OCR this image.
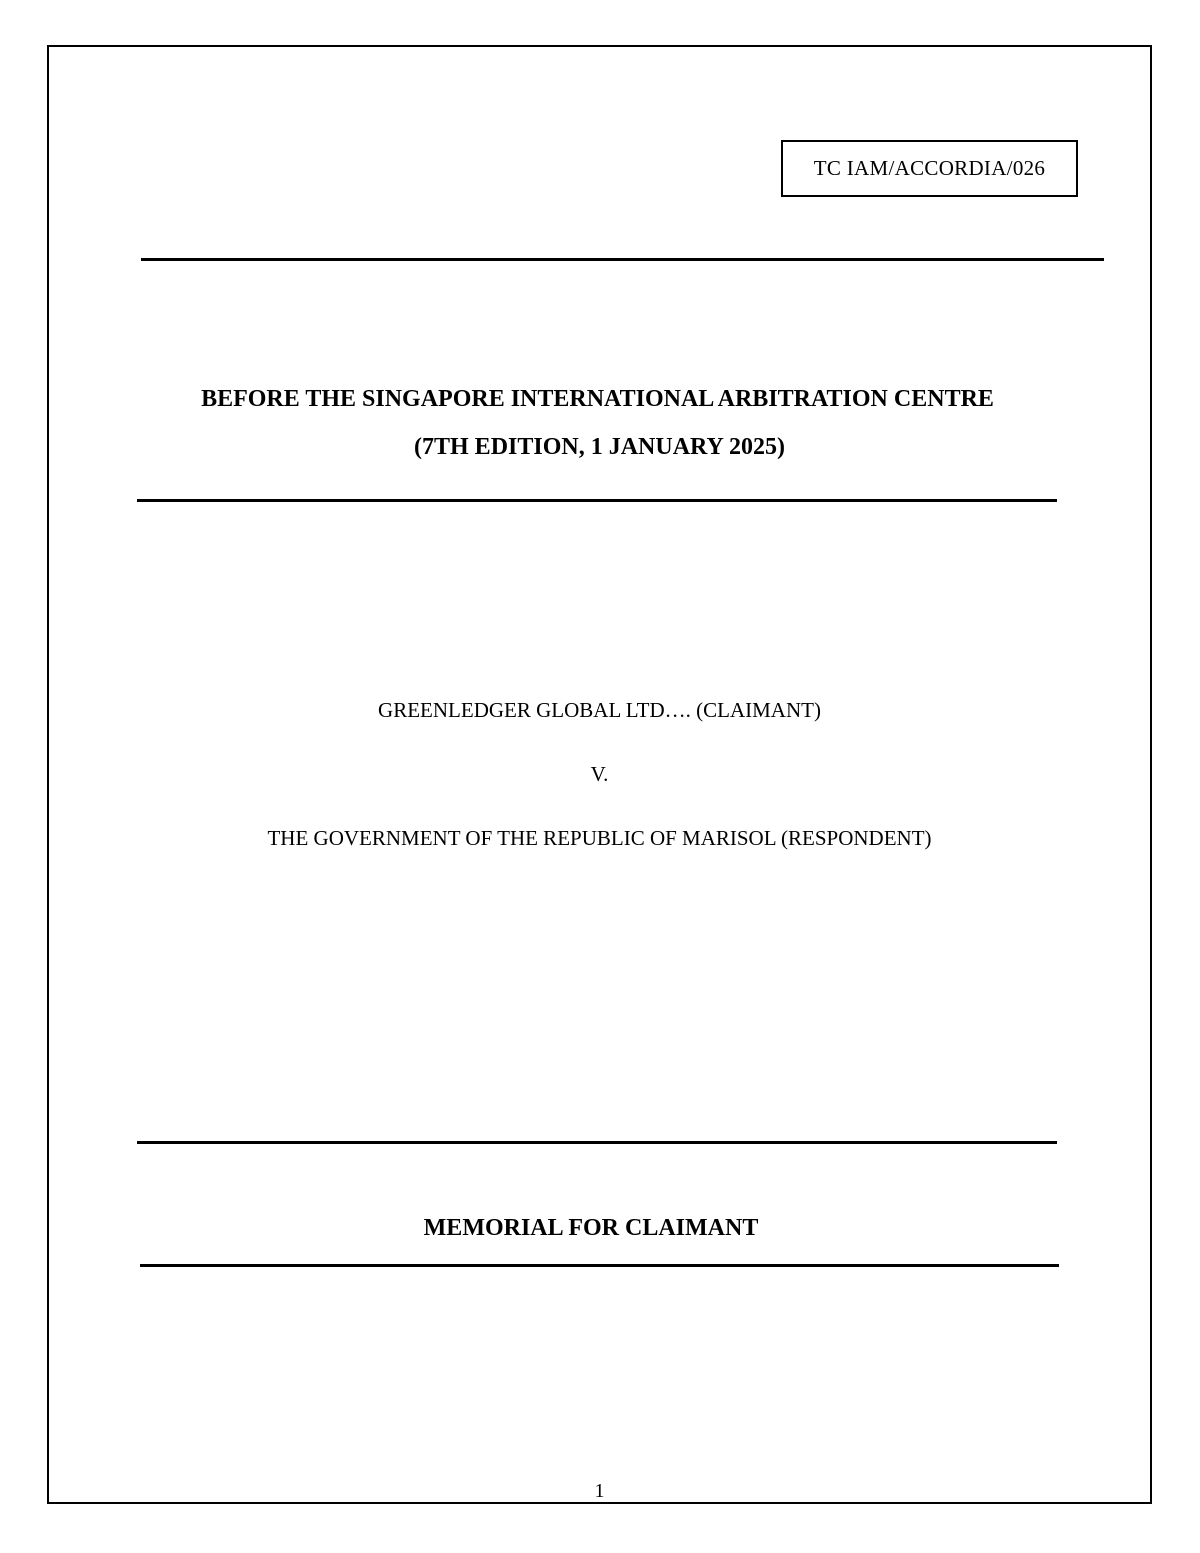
TC IAM/ACCORDIA/026
BEFORE THE SINGAPORE INTERNATIONAL ARBITRATION CENTRE
(7TH EDITION, 1 JANUARY 2025)
GREENLEDGER GLOBAL LTD…. (CLAIMANT)
V.
THE GOVERNMENT OF THE REPUBLIC OF MARISOL (RESPONDENT)
MEMORIAL FOR CLAIMANT
1
